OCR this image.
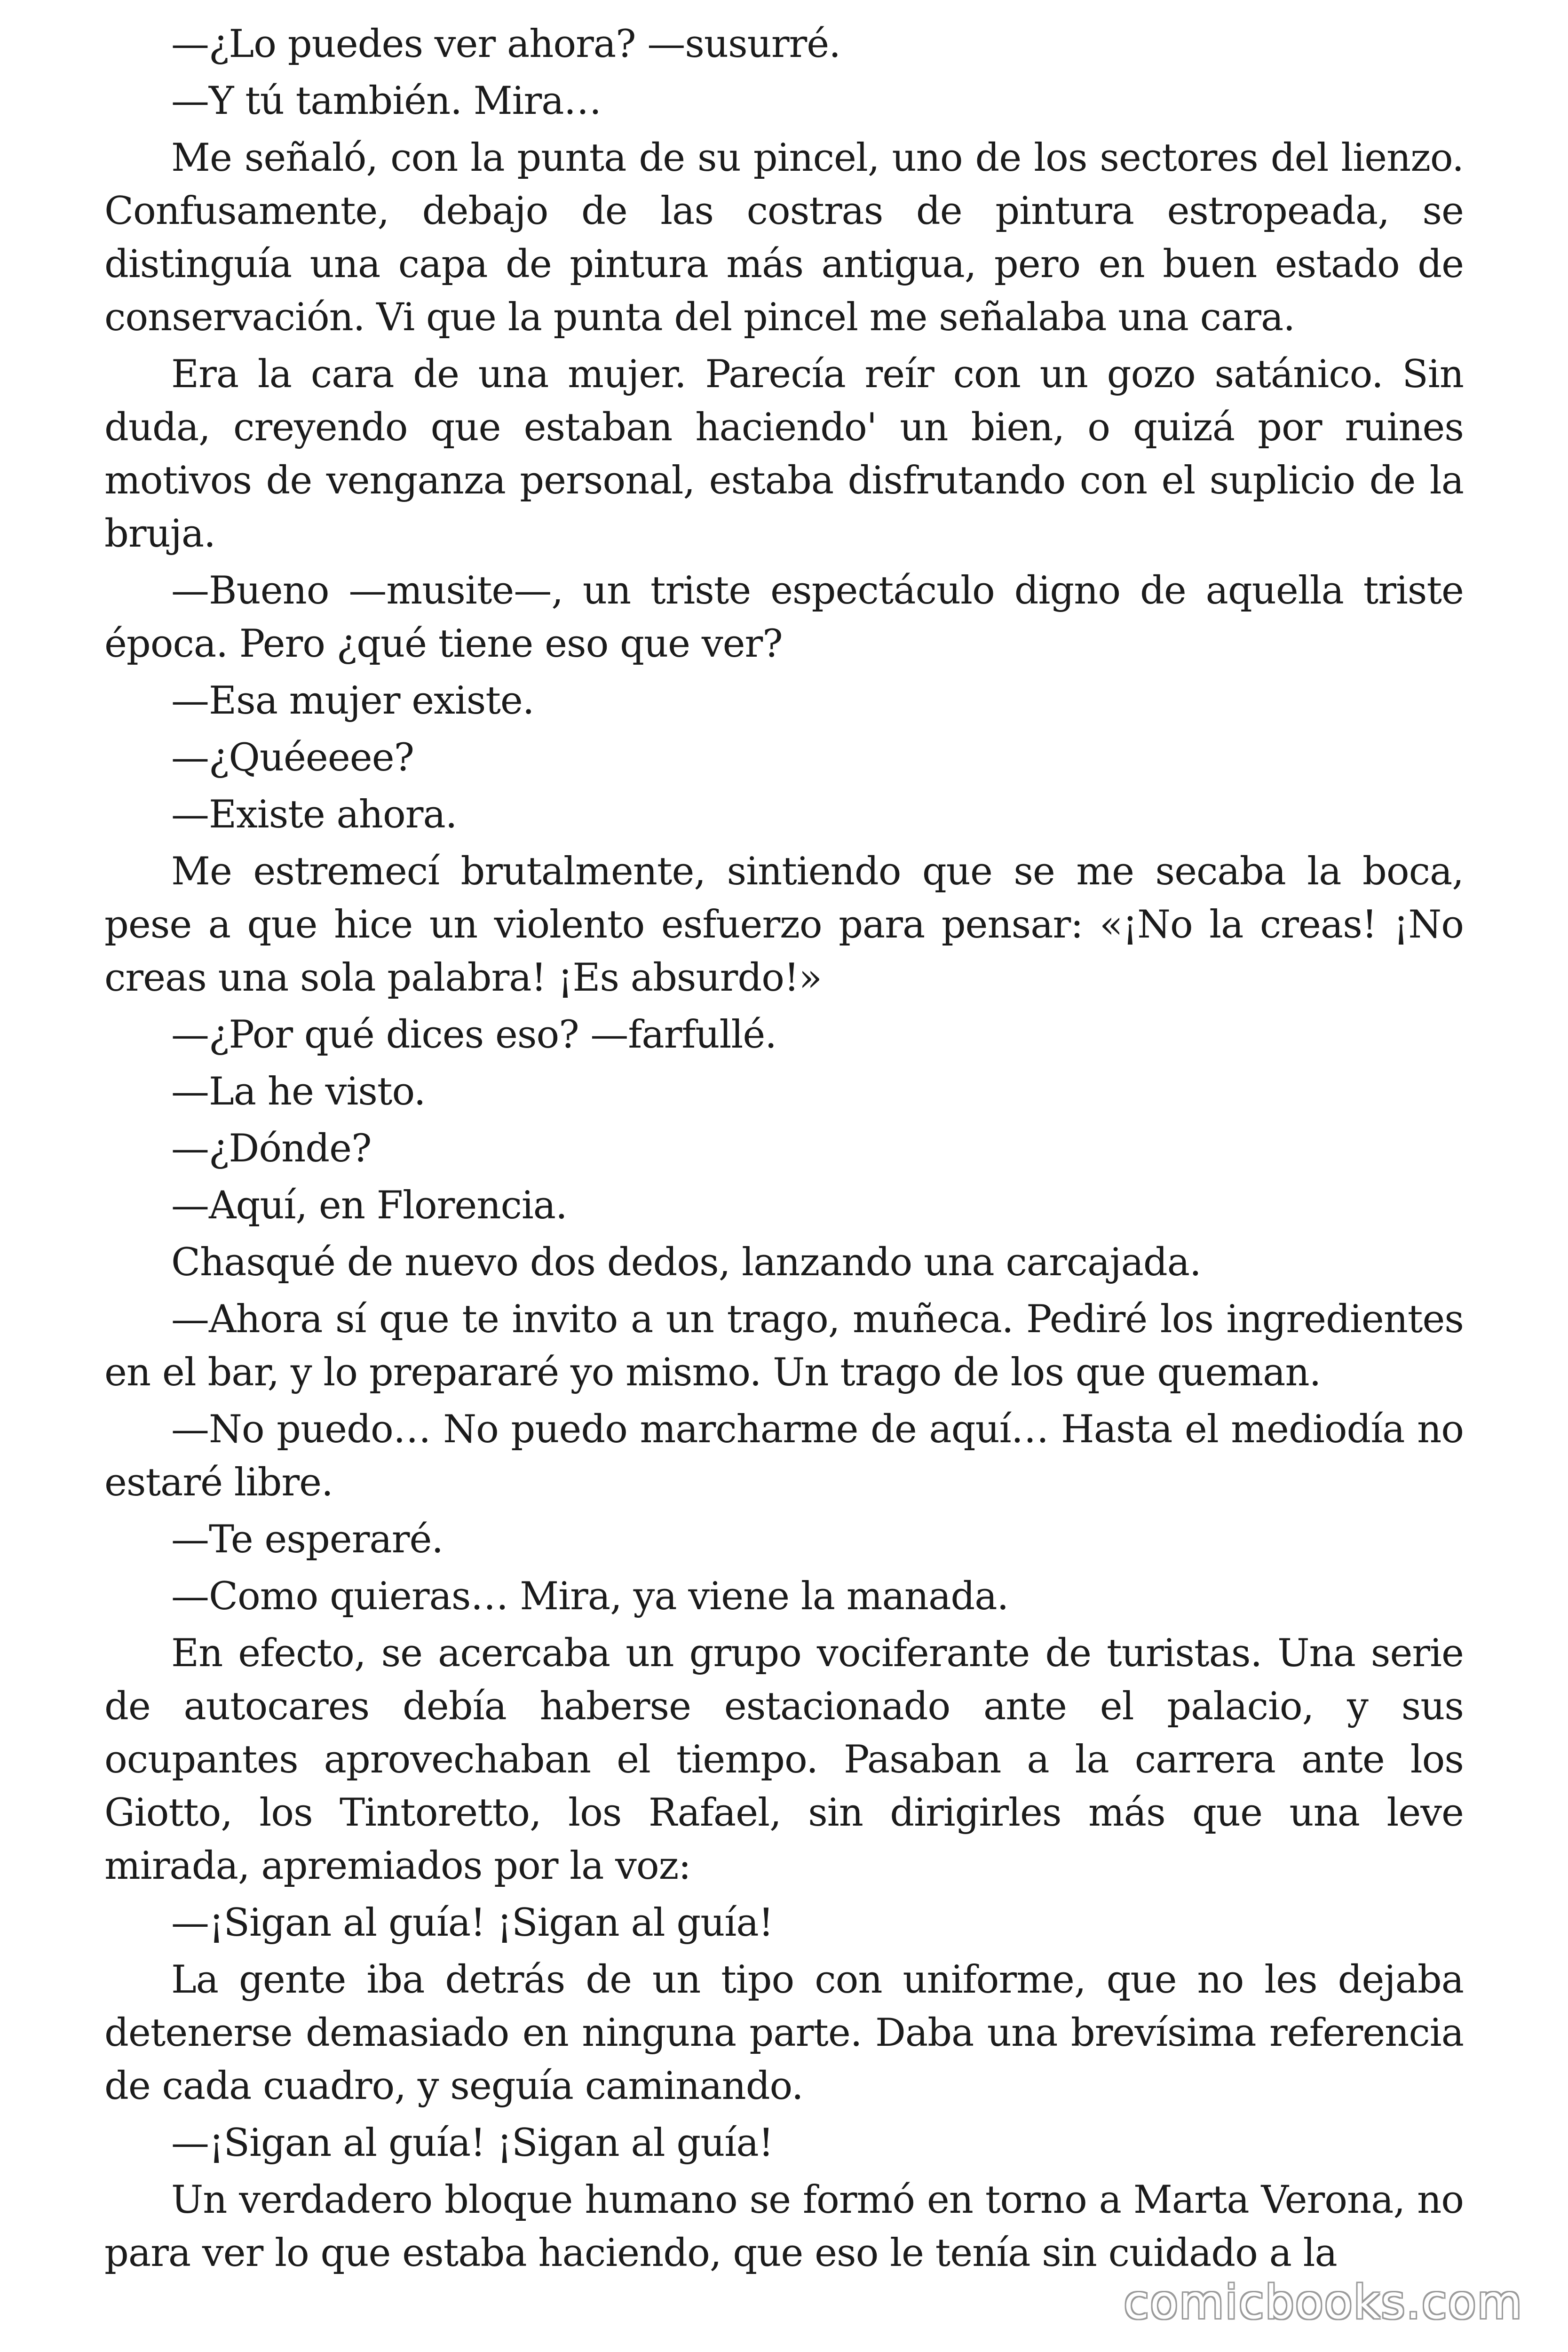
—¿Lo puedes ver ahora? —susurré.

—Y tú también. Mira…

Me señaló, con la punta de su pincel, uno de los sectores del lienzo. Confusamente, debajo de las costras de pintura estropeada, se distinguía una capa de pintura más antigua, pero en buen estado de conservación. Vi que la punta del pincel me señalaba una cara.

Era la cara de una mujer. Parecía reír con un gozo satánico. Sin duda, creyendo que estaban haciendo' un bien, o quizá por ruines motivos de venganza personal, estaba disfrutando con el suplicio de la bruja.

—Bueno —musite—, un triste espectáculo digno de aquella triste época. Pero ¿qué tiene eso que ver?

—Esa mujer existe.

—¿Quéeeee?

—Existe ahora.

Me estremecí brutalmente, sintiendo que se me secaba la boca, pese a que hice un violento esfuerzo para pensar: «¡No la creas! ¡No creas una sola palabra! ¡Es absurdo!»

—¿Por qué dices eso? —farfullé.

—La he visto.

—¿Dónde?

—Aquí, en Florencia.

Chasqué de nuevo dos dedos, lanzando una carcajada.

—Ahora sí que te invito a un trago, muñeca. Pediré los ingredientes en el bar, y lo prepararé yo mismo. Un trago de los que queman.

—No puedo… No puedo marcharme de aquí… Hasta el mediodía no estaré libre.

—Te esperaré.

—Como quieras… Mira, ya viene la manada.

En efecto, se acercaba un grupo vociferante de turistas. Una serie de autocares debía haberse estacionado ante el palacio, y sus ocupantes aprovechaban el tiempo. Pasaban a la carrera ante los Giotto, los Tintoretto, los Rafael, sin dirigirles más que una leve mirada, apremiados por la voz:

—¡Sigan al guía! ¡Sigan al guía!

La gente iba detrás de un tipo con uniforme, que no les dejaba detenerse demasiado en ninguna parte. Daba una brevísima referencia de cada cuadro, y seguía caminando.

—¡Sigan al guía! ¡Sigan al guía!

Un verdadero bloque humano se formó en torno a Marta Verona, no para ver lo que estaba haciendo, que eso le tenía sin cuidado a la

comicbooks.com
